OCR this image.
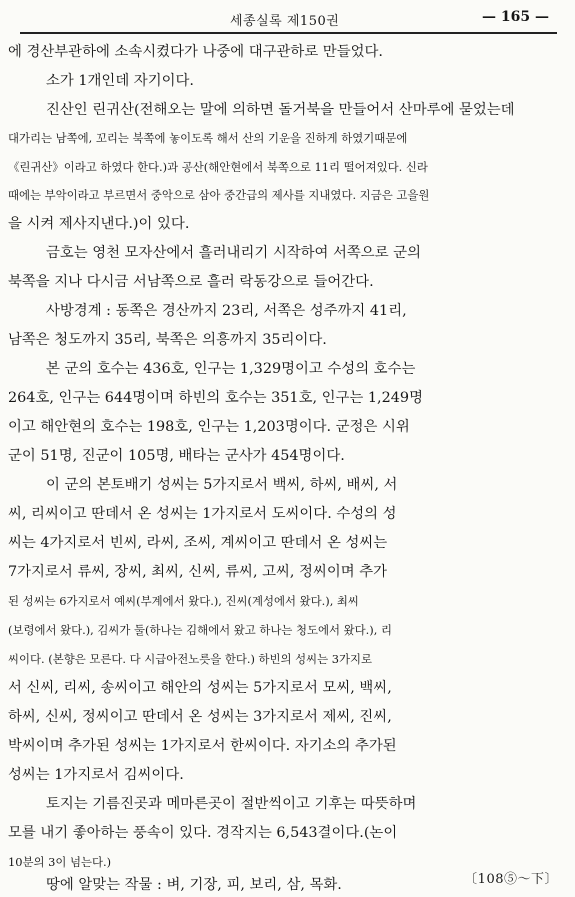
세종실록 제150권	— 165 —
에 경산부관하에 소속시켰다가 나중에 대구관하로 만들었다.
소가 1개인데 자기이다.
진산인 린귀산(전해오는 말에 의하면 돌거북을 만들어서 산마루에 묻었는데
대가리는 남쪽에, 꼬리는 북쪽에 놓이도록 해서 산의 기운을 진하게 하였기때문에
《린귀산》이라고 하였다 한다.)과 공산(해안현에서 북쪽으로 11리 떨어져있다. 신라
때에는 부악이라고 부르면서 중악으로 삼아 중간급의 제사를 지내였다. 지금은 고을원
을 시켜 제사지낸다.)이 있다.
금호는 영천 모자산에서 흘러내리기 시작하여 서쪽으로 군의
북쪽을 지나 다시금 서남쪽으로 흘러 락동강으로 들어간다.
사방경계 : 동쪽은 경산까지 23리, 서쪽은 성주까지 41리,
남쪽은 청도까지 35리, 북쪽은 의흥까지 35리이다.
본 군의 호수는 436호, 인구는 1,329명이고 수성의 호수는
264호, 인구는 644명이며 하빈의 호수는 351호, 인구는 1,249명
이고 해안현의 호수는 198호, 인구는 1,203명이다. 군정은 시위
군이 51명, 진군이 105명, 배타는 군사가 454명이다.
이 군의 본토배기 성씨는 5가지로서 백씨, 하씨, 배씨, 서
씨, 리씨이고 딴데서 온 성씨는 1가지로서 도씨이다. 수성의 성
씨는 4가지로서 빈씨, 라씨, 조씨, 계씨이고 딴데서 온 성씨는
7가지로서 류씨, 장씨, 최씨, 신씨, 류씨, 고씨, 정씨이며 추가
된 성씨는 6가지로서 예씨(부계에서 왔다.), 진씨(계성에서 왔다.), 최씨
(보령에서 왔다.), 김씨가 둘(하나는 김해에서 왔고 하나는 청도에서 왔다.), 리
씨이다. (본향은 모른다. 다 시급아전노릇을 한다.) 하빈의 성씨는 3가지로
서 신씨, 리씨, 송씨이고 해안의 성씨는 5가지로서 모씨, 백씨,
하씨, 신씨, 정씨이고 딴데서 온 성씨는 3가지로서 제씨, 진씨,
박씨이며 추가된 성씨는 1가지로서 한씨이다. 자기소의 추가된
성씨는 1가지로서 김씨이다.
토지는 기름진곳과 메마른곳이 절반씩이고 기후는 따뜻하며
모를 내기 좋아하는 풍속이 있다. 경작지는 6,543결이다.(논이
10분의 3이 넘는다.)
땅에 알맞는 작물 : 벼, 기장, 피, 보리, 삼, 목화.	〔108⑤～下〕
